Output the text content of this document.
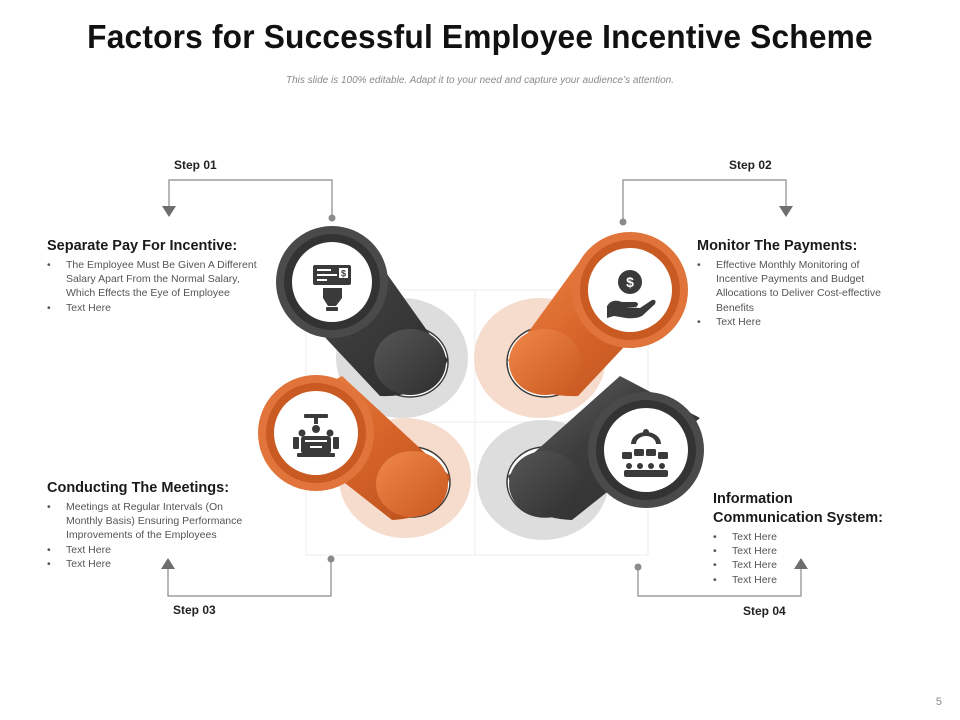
Factors for Successful Employee Incentive Scheme
This slide is 100% editable. Adapt it to your need and capture your audience’s attention.
$
$
Step 01	Step 02
Step 03	Step 04
Separate Pay For Incentive:
• The Employee Must Be Given A Different Salary Apart From the Normal Salary, Which Effects the Eye of Employee
• Text Here
Monitor The Payments:
• Effective Monthly Monitoring of Incentive Payments and Budget Allocations to Deliver Cost-effective Benefits
• Text Here
Conducting The Meetings:
• Meetings at Regular Intervals (On Monthly Basis) Ensuring Performance Improvements of the Employees
• Text Here
• Text Here
Information
Communication System:
• Text Here
• Text Here
• Text Here
• Text Here
5
